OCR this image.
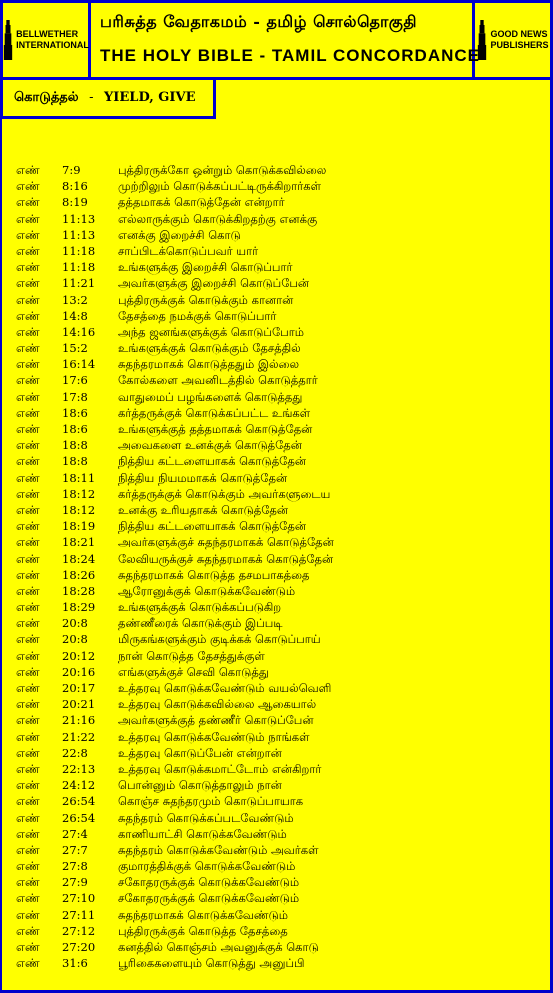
BELLWETHER
INTERNATIONAL
GOOD NEWS
PUBLISHERS
பரிசுத்த வேதாகமம் - தமிழ் சொல்தொகுதி
THE HOLY BIBLE - TAMIL CONCORDANCE
கொடுத்தல் - YIELD, GIVE
எண் 7:9	புத்திரருக்கோ ஒன்றும் கொடுக்கவில்லை
எண் 8:16	முற்றிலும் கொடுக்கப்பட்டிருக்கிறார்கள்
எண் 8:19	தத்தமாகக் கொடுத்தேன் என்றார்
எண் 11:13 எல்லாருக்கும் கொடுக்கிறதற்கு எனக்கு
எண் 11:13 எனக்கு இறைச்சி கொடு
எண் 11:18 சாப்பிடக்கொடுப்பவர் யார்
எண் 11:18 உங்களுக்கு இறைச்சி கொடுப்பார்
எண் 11:21 அவர்களுக்கு இறைச்சி கொடுப்பேன்
எண் 13:2	புத்திரருக்குக் கொடுக்கும் கானான்
எண் 14:8	தேசத்தை நமக்குக் கொடுப்பார்
எண் 14:16 அந்த ஜனங்களுக்குக் கொடுப்போம்
எண் 15:2	உங்களுக்குக் கொடுக்கும் தேசத்தில்
எண் 16:14 சுதந்தரமாகக் கொடுத்ததும் இல்லை
எண் 17:6	கோல்களை அவனிடத்தில் கொடுத்தார்
எண் 17:8	வாதுமைப் பழங்களைக் கொடுத்தது
எண் 18:6	கர்த்தருக்குக் கொடுக்கப்பட்ட உங்கள்
எண் 18:6	உங்களுக்குத் தத்தமாகக் கொடுத்தேன்
எண் 18:8	அவைகளை உனக்குக் கொடுத்தேன்
எண் 18:8	நித்திய கட்டளையாகக் கொடுத்தேன்
எண் 18:11 நித்திய நியமமாகக் கொடுத்தேன்
எண் 18:12 கர்த்தருக்குக் கொடுக்கும் அவர்களுடைய
எண் 18:12 உனக்கு உரியதாகக் கொடுத்தேன்
எண் 18:19 நித்திய கட்டளையாகக் கொடுத்தேன்
எண் 18:21 அவர்களுக்குச் சுதந்தரமாகக் கொடுத்தேன்
எண் 18:24 லேவியருக்குச் சுதந்தரமாகக் கொடுத்தேன்
எண் 18:26 சுதந்தரமாகக் கொடுத்த தசமபாகத்தை
எண் 18:28 ஆரோனுக்குக் கொடுக்கவேண்டும்
எண் 18:29 உங்களுக்குக் கொடுக்கப்படுகிற
எண் 20:8	தண்ணீரைக் கொடுக்கும் இப்படி
எண் 20:8	மிருகங்களுக்கும் குடிக்கக் கொடுப்பாய்
எண் 20:12 நான் கொடுத்த தேசத்துக்குள்
எண் 20:16 எங்களுக்குச் செவி கொடுத்து
எண் 20:17 உத்தரவு கொடுக்கவேண்டும் வயல்வெளி
எண் 20:21 உத்தரவு கொடுக்கவில்லை ஆகையால்
எண் 21:16 அவர்களுக்குத் தண்ணீர் கொடுப்பேன்
எண் 21:22 உத்தரவு கொடுக்கவேண்டும் நாங்கள்
எண் 22:8	உத்தரவு கொடுப்பேன் என்றான்
எண் 22:13 உத்தரவு கொடுக்கமாட்டோம் என்கிறார்
எண் 24:12 பொன்னும் கொடுத்தாலும் நான்
எண் 26:54 கொஞ்ச சுதந்தரமும் கொடுப்பாயாக
எண் 26:54 சுதந்தரம் கொடுக்கப்படவேண்டும்
எண் 27:4	காணியாட்சி கொடுக்கவேண்டும்
எண் 27:7	சுதந்தரம் கொடுக்கவேண்டும் அவர்கள்
எண் 27:8	குமாரத்திக்குக் கொடுக்கவேண்டும்
எண் 27:9	சகோதரருக்குக் கொடுக்கவேண்டும்
எண் 27:10 சகோதரருக்குக் கொடுக்கவேண்டும்
எண் 27:11 சுதந்தரமாகக் கொடுக்கவேண்டும்
எண் 27:12 புத்திரருக்குக் கொடுத்த தேசத்தை
எண் 27:20 கனத்தில் கொஞ்சம் அவனுக்குக் கொடு
எண் 31:6	பூரிகைகளையும் கொடுத்து அனுப்பி
